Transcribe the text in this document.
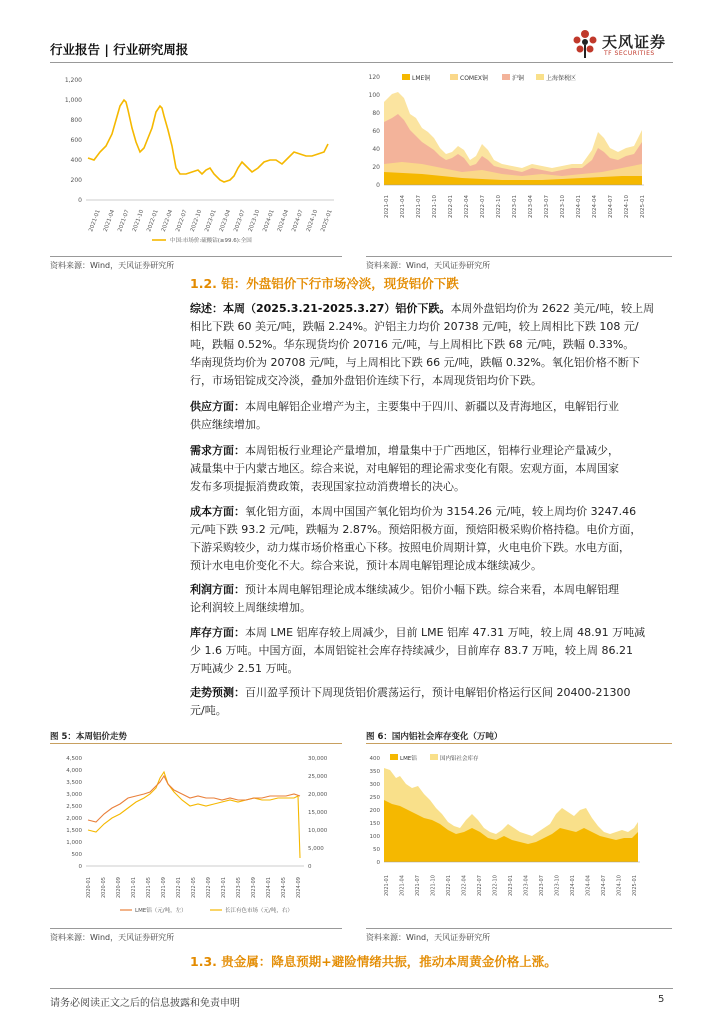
行业报告 | 行业研究周报	天风证券
TF SECURITIES
1,200
1,000
800
600
400
200
0
2021-01 2021-04 2021-07 2021-10 2022-01 2022-04 2022-07 2022-10 2023-01 2023-04 2023-07 2023-10 2024-01 2024-04 2024-07 2024-10 2025-01
中国:市场价:硫酸钴(≥99.6):全国
120
100
80
60
40
20
0
LME铜	COMEX铜	沪铜	上海保税区
2021-01 2021-04 2021-07 2021-10 2022-01 2022-04 2022-07 2022-10 2023-01 2023-04 2023-07 2023-10 2024-01 2024-04 2024-07 2024-10 2025-01
资料来源：Wind，天风证券研究所	资料来源：Wind，天风证券研究所
1.2. 铝：外盘铝价下行市场冷淡，现货铝价下跌
综述：本周（2025.3.21-2025.3.27）铝价下跌。本周外盘铝均价为 2622 美元/吨，较上周
相比下跌 60 美元/吨，跌幅 2.24%。沪铝主力均价 20738 元/吨，较上周相比下跌 108 元/
吨，跌幅 0.52%。华东现货均价 20716 元/吨，与上周相比下跌 68 元/吨，跌幅 0.33%。
华南现货均价为 20708 元/吨，与上周相比下跌 66 元/吨，跌幅 0.32%。氧化铝价格不断下
行，市场铝锭成交冷淡，叠加外盘铝价连续下行，本周现货铝均价下跌。
供应方面：本周电解铝企业增产为主，主要集中于四川、新疆以及青海地区，电解铝行业
供应继续增加。
需求方面：本周铝板行业理论产量增加，增量集中于广西地区，铝棒行业理论产量减少，
减量集中于内蒙古地区。综合来说，对电解铝的理论需求变化有限。宏观方面，本周国家
发布多项提振消费政策，表现国家拉动消费增长的决心。
成本方面：氧化铝方面，本周中国国产氧化铝均价为 3154.26 元/吨，较上周均价 3247.46
元/吨下跌 93.2 元/吨，跌幅为 2.87%。预焙阳极方面，预焙阳极采购价格持稳。电价方面，
下游采购较少，动力煤市场价格重心下移。按照电价周期计算，火电电价下跌。水电方面，
预计水电电价变化不大。综合来说，预计本周电解铝理论成本继续减少。
利润方面：预计本周电解铝理论成本继续减少。铝价小幅下跌。综合来看，本周电解铝理
论利润较上周继续增加。
库存方面：本周 LME 铝库存较上周减少，目前 LME 铝库 47.31 万吨，较上周 48.91 万吨减
少 1.6 万吨。中国方面，本周铝锭社会库存持续减少，目前库存 83.7 万吨，较上周 86.21
万吨减少 2.51 万吨。
走势预测：百川盈孚预计下周现货铝价震荡运行，预计电解铝价格运行区间 20400-21300
元/吨。
图 5：本周铝价走势
4,500
4,000
3,500
3,000
2,500
2,000
1,500
1,000
500
0
30,000
25,000
20,000
15,000
10,000
5,000
0
2020-01 2020-05 2020-09 2021-01 2021-05 2021-09 2022-01 2022-05 2022-09 2023-01 2023-05 2023-09 2024-01 2024-05 2024-09
LME铝（元/吨，左）	长江有色市场（元/吨，右）
资料来源：Wind，天风证券研究所
图 6：国内铝社会库存变化（万吨）
400
350
300
250
200
150
100
50
0
LME铝	国内铝社会库存
2021-01 2021-04 2021-07 2021-10 2022-01 2022-04 2022-07 2022-10 2023-01 2023-04 2023-07 2023-10 2024-01 2024-04 2024-07 2024-10 2025-01
资料来源：Wind，天风证券研究所
1.3. 贵金属：降息预期+避险情绪共振，推动本周黄金价格上涨。
请务必阅读正文之后的信息披露和免责申明	5
